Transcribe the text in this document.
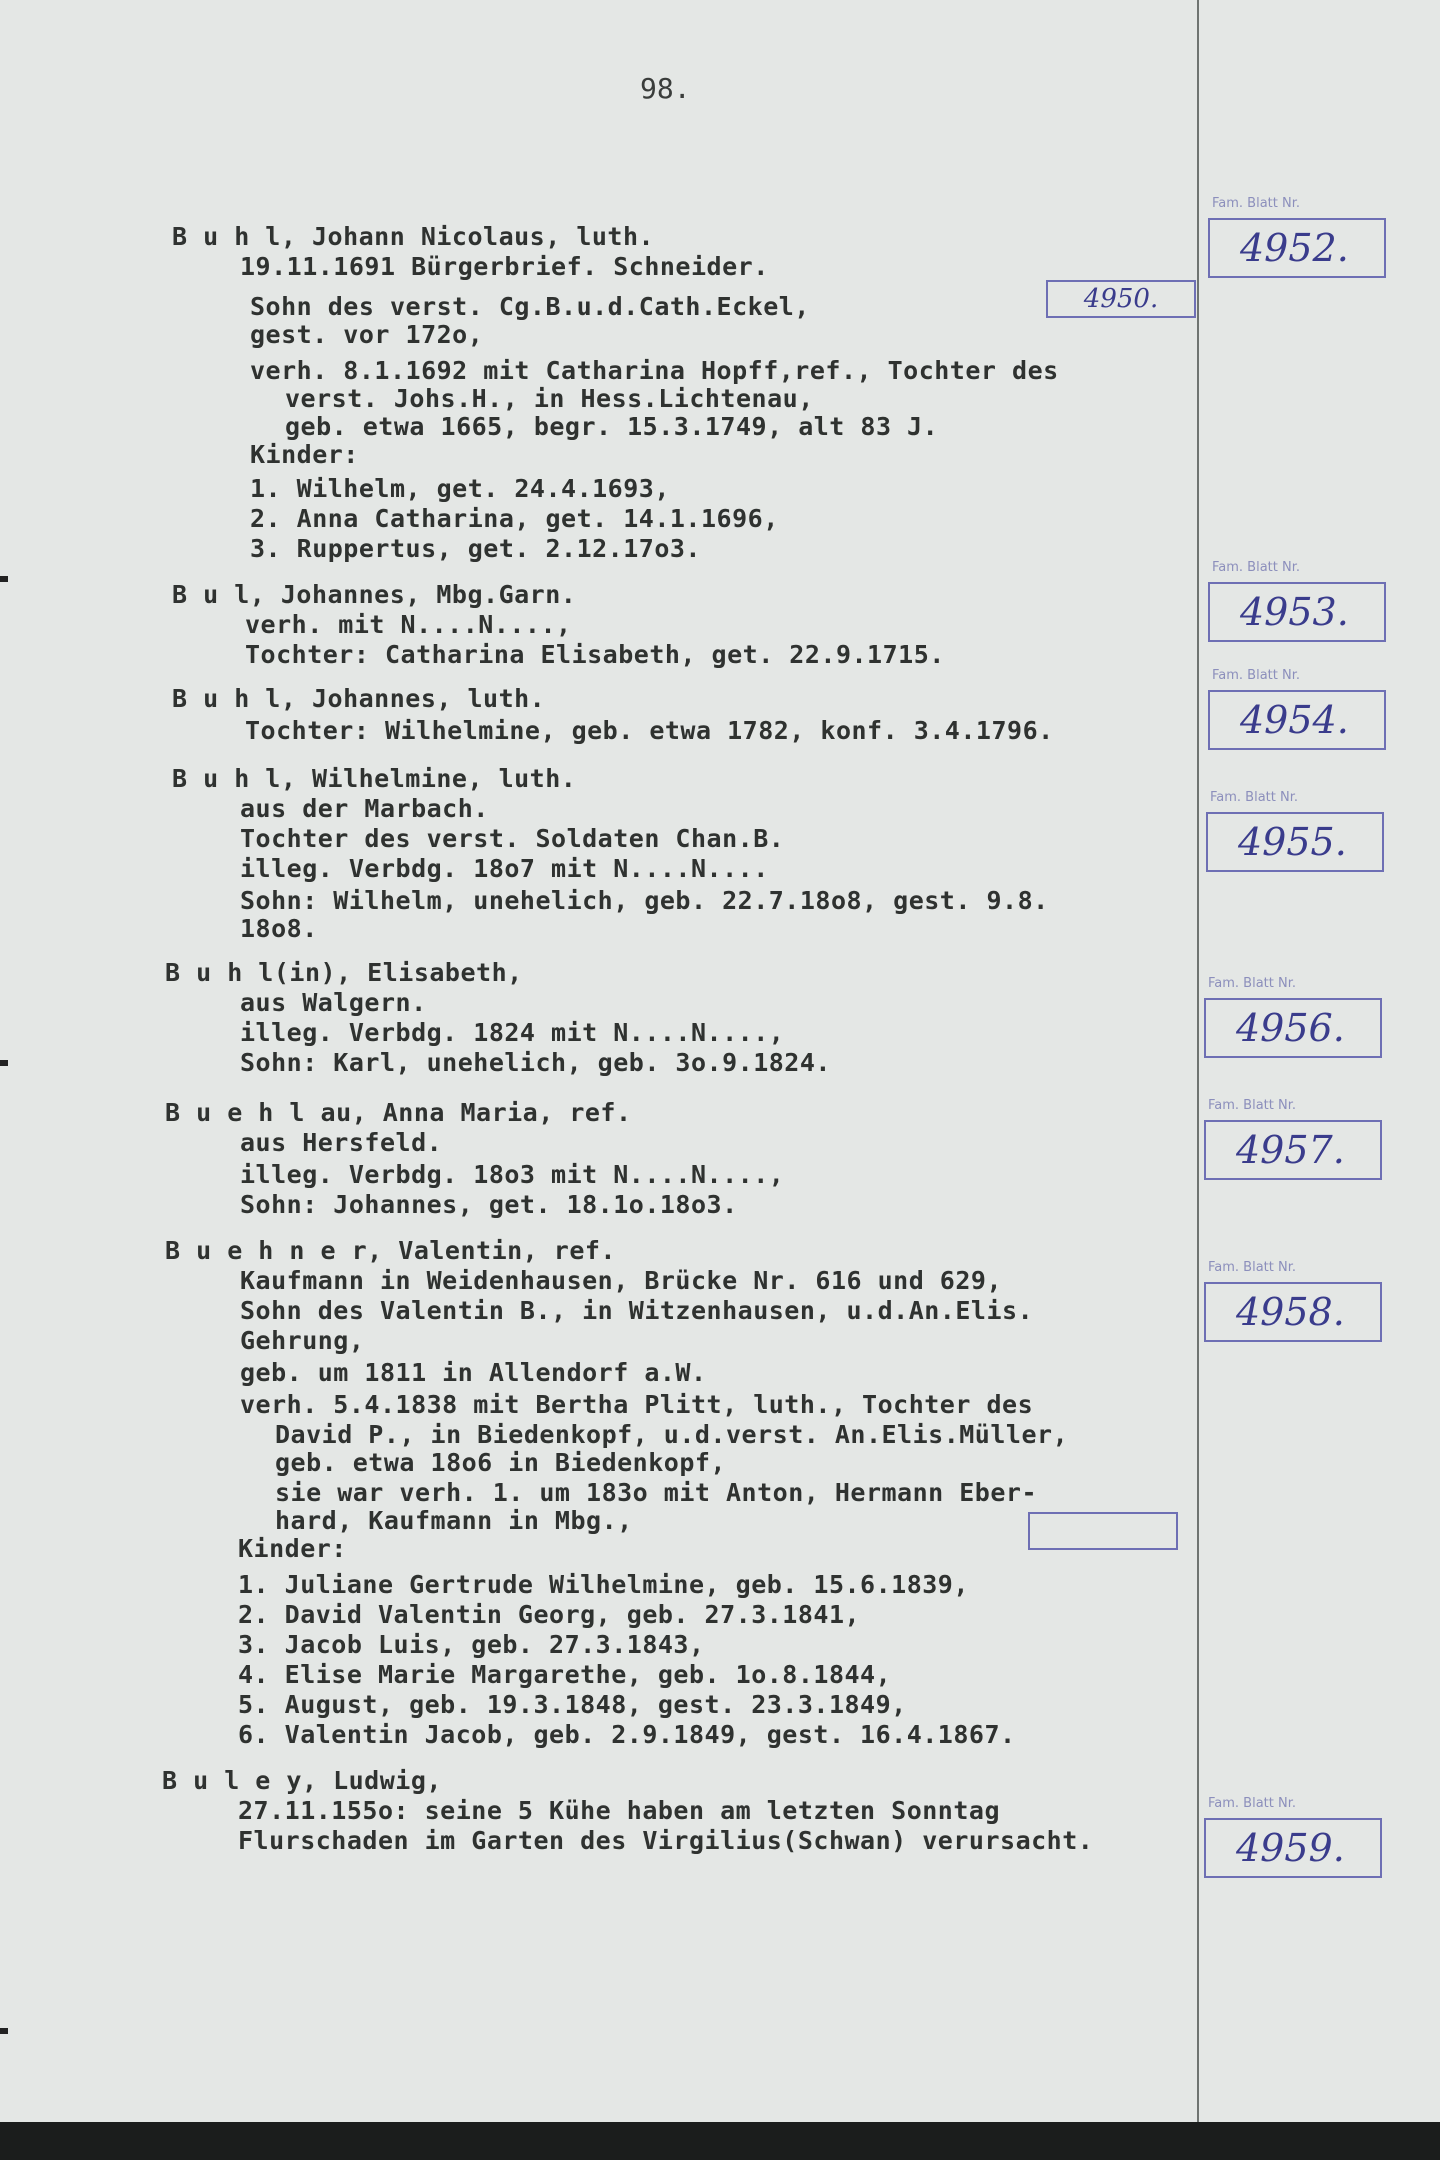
98.
B u h l, Johann Nicolaus, luth.
19.11.1691 Bürgerbrief. Schneider.
Sohn des verst. Cg.B.u.d.Cath.Eckel,
gest. vor 172o,
verh. 8.1.1692 mit Catharina Hopff,ref., Tochter des
verst. Johs.H., in Hess.Lichtenau,
geb. etwa 1665, begr. 15.3.1749, alt 83 J.
Kinder:
1. Wilhelm, get. 24.4.1693,
2. Anna Catharina, get. 14.1.1696,
3. Ruppertus, get. 2.12.17o3.
4950.
Fam. Blatt Nr.
4952.
B u l, Johannes, Mbg.Garn.
verh. mit N....N....,
Tochter: Catharina Elisabeth, get. 22.9.1715.
Fam. Blatt Nr.
4953.
B u h l, Johannes, luth.
Tochter: Wilhelmine, geb. etwa 1782, konf. 3.4.1796.
Fam. Blatt Nr.
4954.
B u h l, Wilhelmine, luth.
aus der Marbach.
Tochter des verst. Soldaten Chan.B.
illeg. Verbdg. 18o7 mit N....N....
Sohn: Wilhelm, unehelich, geb. 22.7.18o8, gest. 9.8.
18o8.
Fam. Blatt Nr.
4955.
B u h l(in), Elisabeth,
aus Walgern.
illeg. Verbdg. 1824 mit N....N....,
Sohn: Karl, unehelich, geb. 3o.9.1824.
Fam. Blatt Nr.
4956.
B u e h l au, Anna Maria, ref.
aus Hersfeld.
illeg. Verbdg. 18o3 mit N....N....,
Sohn: Johannes, get. 18.1o.18o3.
Fam. Blatt Nr.
4957.
B u e h n e r, Valentin, ref.
Kaufmann in Weidenhausen, Brücke Nr. 616 und 629,
Sohn des Valentin B., in Witzenhausen, u.d.An.Elis.
Gehrung,
geb. um 1811 in Allendorf a.W.
verh. 5.4.1838 mit Bertha Plitt, luth., Tochter des
David P., in Biedenkopf, u.d.verst. An.Elis.Müller,
geb. etwa 18o6 in Biedenkopf,
sie war verh. 1. um 183o mit Anton, Hermann Eber-
hard, Kaufmann in Mbg.,
Kinder:
1. Juliane Gertrude Wilhelmine, geb. 15.6.1839,
2. David Valentin Georg, geb. 27.3.1841,
3. Jacob Luis, geb. 27.3.1843,
4. Elise Marie Margarethe, geb. 1o.8.1844,
5. August, geb. 19.3.1848, gest. 23.3.1849,
6. Valentin Jacob, geb. 2.9.1849, gest. 16.4.1867.
Fam. Blatt Nr.
4958.
B u l e y, Ludwig,
27.11.155o: seine 5 Kühe haben am letzten Sonntag
Flurschaden im Garten des Virgilius(Schwan) verursacht.
Fam. Blatt Nr.
4959.
